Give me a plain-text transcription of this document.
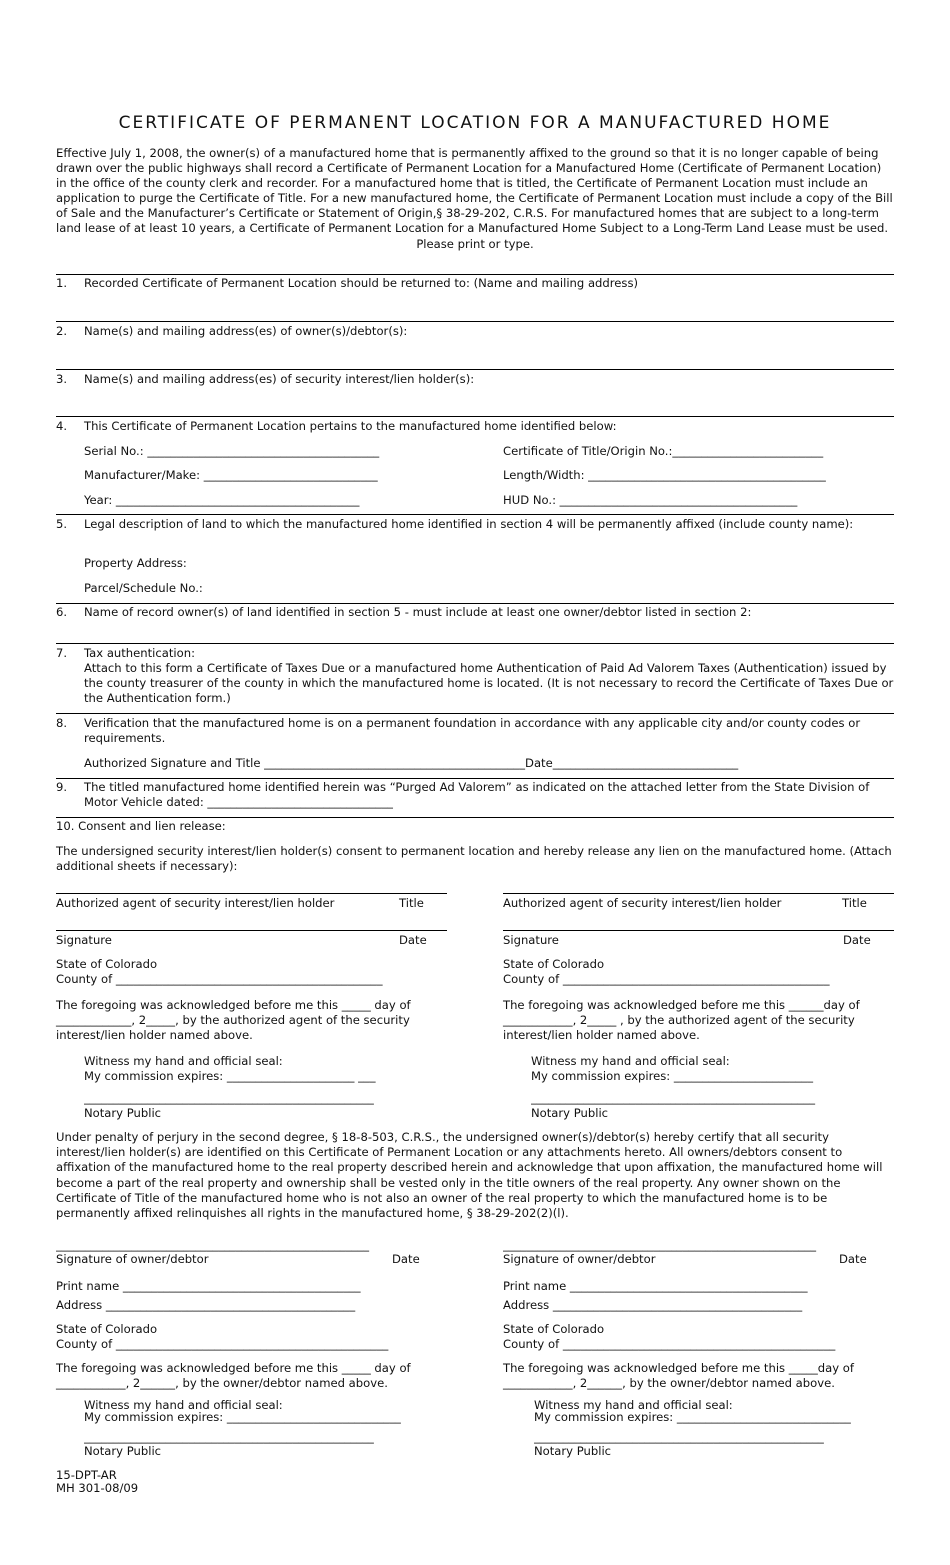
CERTIFICATE OF PERMANENT LOCATION FOR A MANUFACTURED HOME
Effective July 1, 2008, the owner(s) of a manufactured home that is permanently affixed to the ground so that it is no longer capable of being drawn over the public highways shall record a Certificate of Permanent Location for a Manufactured Home (Certificate of Permanent Location) in the office of the county clerk and recorder. For a manufactured home that is titled, the Certificate of Permanent Location must include an application to purge the Certificate of Title. For a new manufactured home, the Certificate of Permanent Location must include a copy of the Bill of Sale and the Manufacturer’s Certificate or Statement of Origin,§ 38-29-202, C.R.S. For manufactured homes that are subject to a long-term land lease of at least 10 years, a Certificate of Permanent Location for a Manufactured Home Subject to a Long-Term Land Lease must be used.
Please print or type.
1. Recorded Certificate of Permanent Location should be returned to: (Name and mailing address)
2. Name(s) and mailing address(es) of owner(s)/debtor(s):
3. Name(s) and mailing address(es) of security interest/lien holder(s):
4. This Certificate of Permanent Location pertains to the manufactured home identified below:
Serial No.: ________________________________________	Certificate of Title/Origin No.:__________________________
Manufacturer/Make: ______________________________	Length/Width: _________________________________________
Year: __________________________________________	HUD No.: _________________________________________
5. Legal description of land to which the manufactured home identified in section 4 will be permanently affixed (include county name):
Property Address:
Parcel/Schedule No.:
6. Name of record owner(s) of land identified in section 5 - must include at least one owner/debtor listed in section 2:
7. Tax authentication:
Attach to this form a Certificate of Taxes Due or a manufactured home Authentication of Paid Ad Valorem Taxes (Authentication) issued by the county treasurer of the county in which the manufactured home is located. (It is not necessary to record the Certificate of Taxes Due or the Authentication form.)
8. Verification that the manufactured home is on a permanent foundation in accordance with any applicable city and/or county codes or requirements.
Authorized Signature and Title _____________________________________________Date________________________________
9. The titled manufactured home identified herein was “Purged Ad Valorem” as indicated on the attached letter from the State Division of Motor Vehicle dated: ________________________________
10. Consent and lien release:
The undersigned security interest/lien holder(s) consent to permanent location and hereby release any lien on the manufactured home. (Attach additional sheets if necessary):
Authorized agent of security interest/lien holder	Title
Signature	Date
State of Colorado
County of ______________________________________________
The foregoing was acknowledged before me this _____ day of _____________, 2_____, by the authorized agent of the security interest/lien holder named above.
Witness my hand and official seal:
My commission expires: ______________________ ___
__________________________________________________
Notary Public
Authorized agent of security interest/lien holder	Title
Signature	Date
State of Colorado
County of ______________________________________________
The foregoing was acknowledged before me this ______day of ____________, 2_____ , by the authorized agent of the security interest/lien holder named above.
Witness my hand and official seal:
My commission expires: ________________________
_________________________________________________
Notary Public
Under penalty of perjury in the second degree, § 18-8-503, C.R.S., the undersigned owner(s)/debtor(s) hereby certify that all security interest/lien holder(s) are identified on this Certificate of Permanent Location or any attachments hereto. All owners/debtors consent to affixation of the manufactured home to the real property described herein and acknowledge that upon affixation, the manufactured home will become a part of the real property and ownership shall be vested only in the title owners of the real property. Any owner shown on the Certificate of Title of the manufactured home who is not also an owner of the real property to which the manufactured home is to be permanently affixed relinquishes all rights in the manufactured home, § 38-29-202(2)(l).
______________________________________________________
Signature of owner/debtor	Date
Print name _________________________________________
Address ___________________________________________
State of Colorado
County of _______________________________________________
The foregoing was acknowledged before me this _____ day of ____________, 2______, by the owner/debtor named above.
Witness my hand and official seal:
My commission expires: ______________________________
__________________________________________________
Notary Public
______________________________________________________
Signature of owner/debtor	Date
Print name _________________________________________
Address ___________________________________________
State of Colorado
County of _______________________________________________
The foregoing was acknowledged before me this _____day of ____________, 2______, by the owner/debtor named above.
Witness my hand and official seal:
My commission expires: ______________________________
__________________________________________________
Notary Public
15-DPT-AR
MH 301-08/09
